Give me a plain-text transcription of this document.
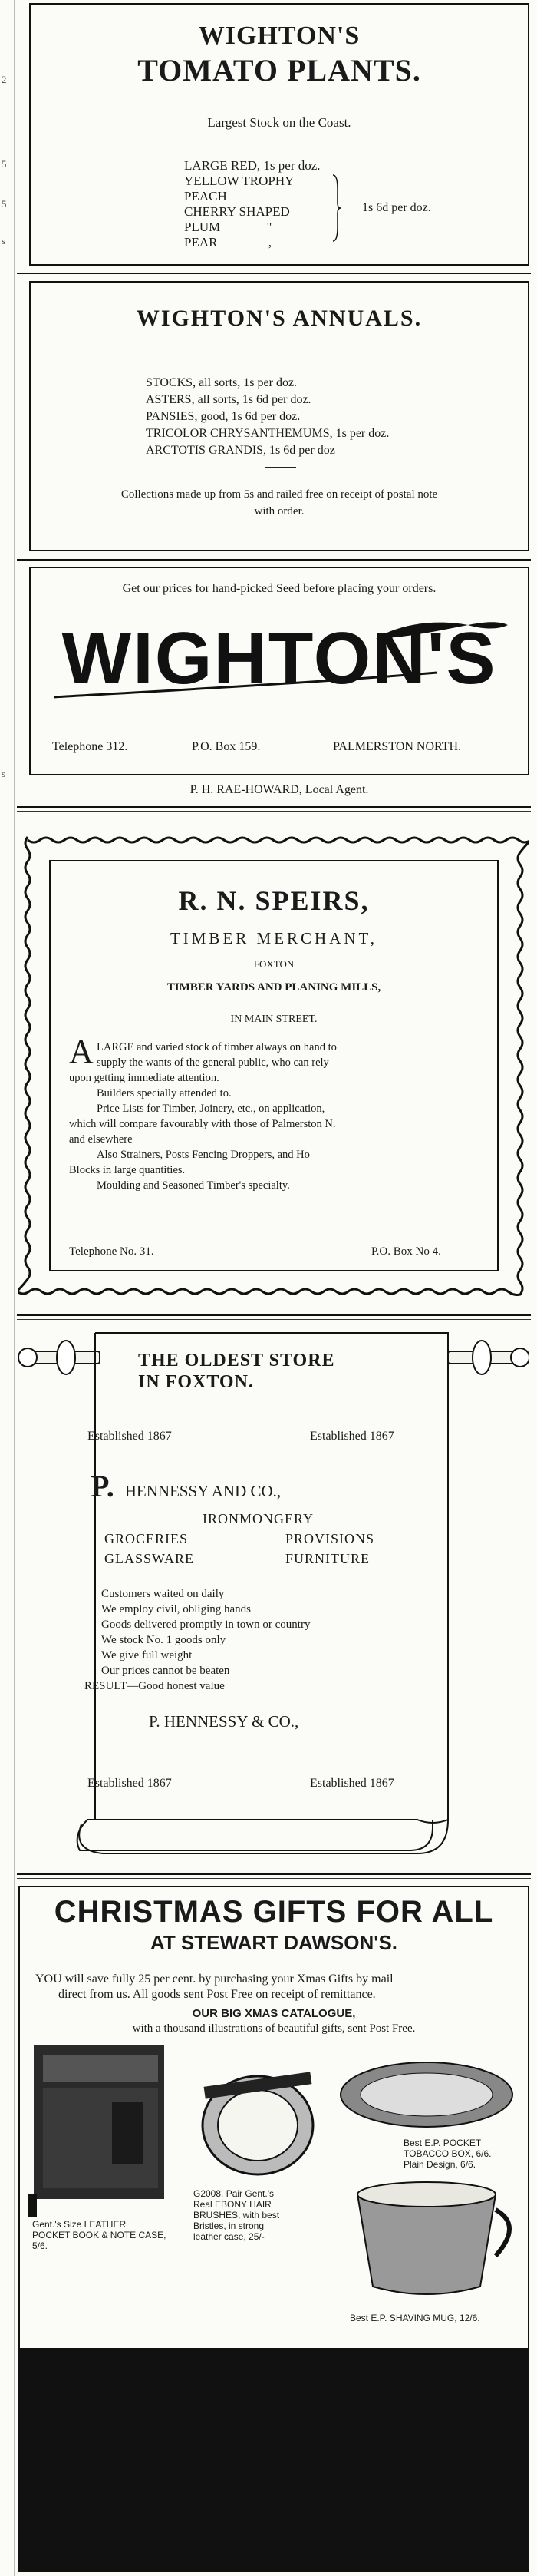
2
5
5
s
s
WIGHTON'S
TOMATO PLANTS.
Largest Stock on the Coast.
LARGE RED, 1s per doz.
YELLOW TROPHY
PEACH
CHERRY SHAPED
PLUM	"
PEAR	,
1s 6d per doz.
WIGHTON'S ANNUALS.
STOCKS, all sorts, 1s per doz.
ASTERS, all sorts, 1s 6d per doz.
PANSIES, good, 1s 6d per doz.
TRICOLOR CHRYSANTHEMUMS, 1s per doz.
ARCTOTIS GRANDIS, 1s 6d per doz
Collections made up from 5s and railed free on receipt of postal note
with order.
Get our prices for hand-picked Seed before placing your orders.
WIGHTON'S
Telephone 312.	P.O. Box 159.	PALMERSTON NORTH.
P. H. RAE-HOWARD, Local Agent.
R. N. SPEIRS,
TIMBER MERCHANT,
FOXTON
TIMBER YARDS AND PLANING MILLS,
IN MAIN STREET.
A LARGE and varied stock of timber always on hand to
supply the wants of the general public, who can rely
upon getting immediate attention.
Builders specially attended to.
Price Lists for Timber, Joinery, etc., on application,
which will compare favourably with those of Palmerston N.
and elsewhere
Also Strainers, Posts Fencing Droppers, and Ho
Blocks in large quantities.
Moulding and Seasoned Timber's specialty.
Telephone No. 31.	P.O. Box No 4.
THE OLDEST STORE
IN FOXTON.
Established 1867	Established 1867
P. HENNESSY AND CO.,
IRONMONGERY
GROCERIES	PROVISIONS
GLASSWARE	FURNITURE
Customers waited on daily
We employ civil, obliging hands
Goods delivered promptly in town or country
We stock No. 1 goods only
We give full weight
Our prices cannot be beaten
RESULT—Good honest value
P. HENNESSY & CO.,
Established 1867	Established 1867
CHRISTMAS GIFTS FOR ALL
AT STEWART DAWSON'S.
YOU will save fully 25 per cent. by purchasing your Xmas Gifts by mail
direct from us. All goods sent Post Free on receipt of remittance.
OUR BIG XMAS CATALOGUE,
with a thousand illustrations of beautiful gifts, sent Post Free.
Gent.'s Size LEATHER
POCKET BOOK & NOTE CASE,
5/6.
G2008. Pair Gent.'s
Real EBONY HAIR
BRUSHES, with best
Bristles, in strong
leather case, 25/-
Best E.P. POCKET
TOBACCO BOX, 6/6.
Plain Design, 6/6.
Best E.P. SHAVING MUG, 12/6.
